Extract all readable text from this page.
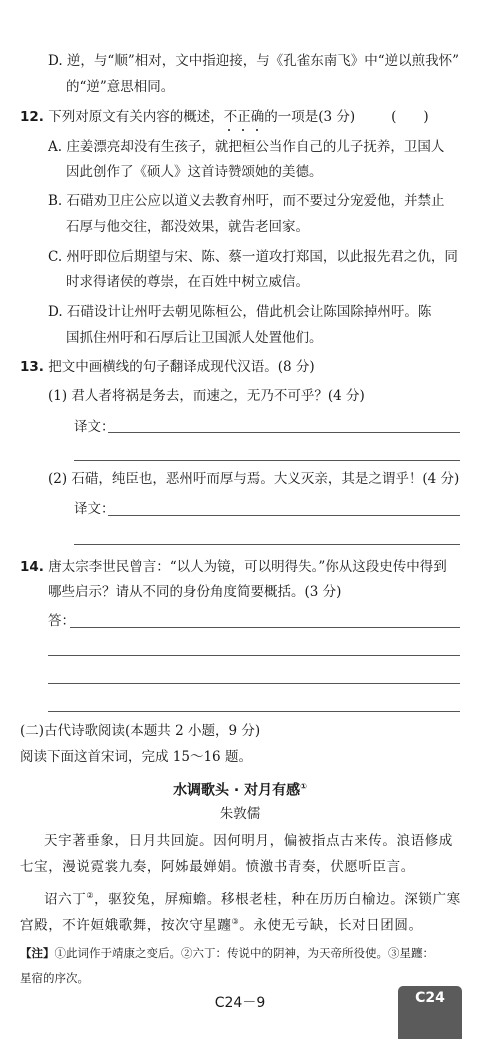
D. 逆，与“顺”相对，文中指迎接，与《孔雀东南飞》中“逆以煎我怀”
的“逆”意思相同。
12. 下列对原文有关内容的概述，不正确
的一项是(3 分)	(　　)
A. 庄姜漂亮却没有生孩子，就把桓公当作自己的儿子抚养，卫国人
因此创作了《硕人》这首诗赞颂她的美德。
B. 石碏劝卫庄公应以道义去教育州吁，而不要过分宠爱他，并禁止
石厚与他交往，都没效果，就告老回家。
C. 州吁即位后期望与宋、陈、蔡一道攻打郑国，以此报先君之仇，同
时求得诸侯的尊崇，在百姓中树立威信。
D. 石碏设计让州吁去朝见陈桓公，借此机会让陈国除掉州吁。陈
国抓住州吁和石厚后让卫国派人处置他们。
13. 把文中画横线的句子翻译成现代汉语。(8 分)
(1) 君人者将祸是务去，而速之，无乃不可乎？(4 分)
译文：
(2) 石碏，纯臣也，恶州吁而厚与焉。大义灭亲，其是之谓乎！(4 分)
译文：
14. 唐太宗李世民曾言：“以人为镜，可以明得失。”你从这段史传中得到
哪些启示？请从不同的身份角度简要概括。(3 分)
答：
(二)古代诗歌阅读(本题共 2 小题，9 分)
阅读下面这首宋词，完成 15～16 题。
水调歌头 · 对月有感①
朱敦儒
天宇著垂象，日月共回旋。因何明月，偏被指点古来传。浪语修成
七宝，漫说霓裳九奏，阿姊最婵娟。愤激书青奏，伏愿听臣言。
诏六丁②，驱狡兔，屏痴蟾。移根老桂，种在历历白榆边。深锁广寒
宫殿，不许姮娥歌舞，按次守星躔③。永使无亏缺，长对日团圆。
【注】①此词作于靖康之变后。②六丁：传说中的阴神，为天帝所役使。③星躔：
星宿的序次。
C24－9	C24
